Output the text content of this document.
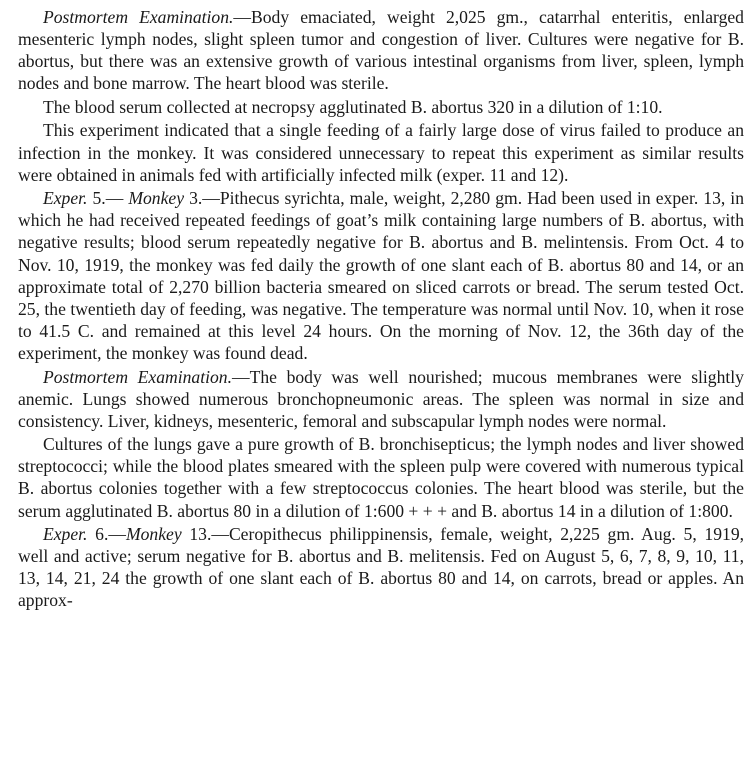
Postmortem Examination.—Body emaciated, weight 2,025 gm., catarrhal enteritis, enlarged mesenteric lymph nodes, slight spleen tumor and congestion of liver. Cultures were negative for B. abortus, but there was an extensive growth of various intestinal organisms from liver, spleen, lymph nodes and bone marrow. The heart blood was sterile.

The blood serum collected at necropsy agglutinated B. abortus 320 in a dilution of 1:10.

This experiment indicated that a single feeding of a fairly large dose of virus failed to produce an infection in the monkey. It was considered unnecessary to repeat this experiment as similar results were obtained in animals fed with artificially infected milk (exper. 11 and 12).

Exper. 5.— Monkey 3.—Pithecus syrichta, male, weight, 2,280 gm. Had been used in exper. 13, in which he had received repeated feedings of goat’s milk containing large numbers of B. abortus, with negative results; blood serum repeatedly negative for B. abortus and B. melintensis. From Oct. 4 to Nov. 10, 1919, the monkey was fed daily the growth of one slant each of B. abortus 80 and 14, or an approximate total of 2,270 billion bacteria smeared on sliced carrots or bread. The serum tested Oct. 25, the twentieth day of feeding, was negative. The temperature was normal until Nov. 10, when it rose to 41.5 C. and remained at this level 24 hours. On the morning of Nov. 12, the 36th day of the experiment, the monkey was found dead.

Postmortem Examination.—The body was well nourished; mucous membranes were slightly anemic. Lungs showed numerous bronchopneumonic areas. The spleen was normal in size and consistency. Liver, kidneys, mesenteric, femoral and subscapular lymph nodes were normal.

Cultures of the lungs gave a pure growth of B. bronchisepticus; the lymph nodes and liver showed streptococci; while the blood plates smeared with the spleen pulp were covered with numerous typical B. abortus colonies together with a few streptococcus colonies. The heart blood was sterile, but the serum agglutinated B. abortus 80 in a dilution of 1:600 + + + and B. abortus 14 in a dilution of 1:800.

Exper. 6.—Monkey 13.—Ceropithecus philippinensis, female, weight, 2,225 gm. Aug. 5, 1919, well and active; serum negative for B. abortus and B. melitensis. Fed on August 5, 6, 7, 8, 9, 10, 11, 13, 14, 21, 24 the growth of one slant each of B. abortus 80 and 14, on carrots, bread or apples. An approx-
